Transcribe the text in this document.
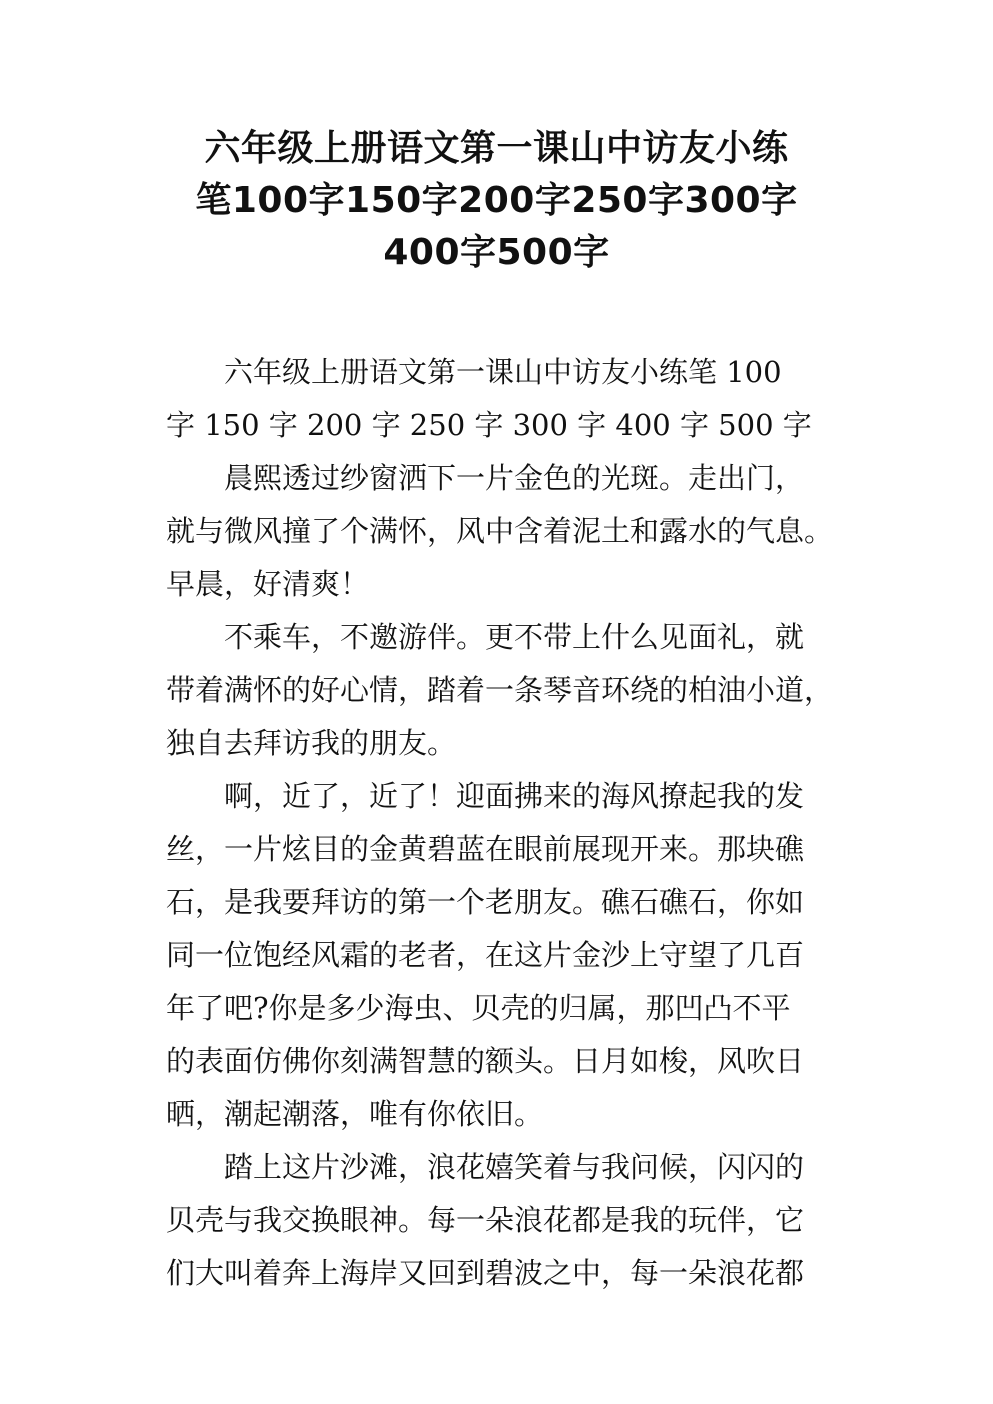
六年级上册语文第一课山中访友小练
笔100字150字200字250字300字
400字500字
六年级上册语文第一课山中访友小练笔 100
字 150 字 200 字 250 字 300 字 400 字 500 字
晨熙透过纱窗洒下一片金色的光斑。走出门，
就与微风撞了个满怀，风中含着泥土和露水的气息。
早晨，好清爽！
不乘车，不邀游伴。更不带上什么见面礼，就
带着满怀的好心情，踏着一条琴音环绕的柏油小道，
独自去拜访我的朋友。
啊，近了，近了！迎面拂来的海风撩起我的发
丝，一片炫目的金黄碧蓝在眼前展现开来。那块礁
石，是我要拜访的第一个老朋友。礁石礁石，你如
同一位饱经风霜的老者，在这片金沙上守望了几百
年了吧?你是多少海虫、贝壳的归属，那凹凸不平
的表面仿佛你刻满智慧的额头。日月如梭，风吹日
晒，潮起潮落，唯有你依旧。
踏上这片沙滩，浪花嬉笑着与我问候，闪闪的
贝壳与我交换眼神。每一朵浪花都是我的玩伴，它
们大叫着奔上海岸又回到碧波之中，每一朵浪花都
